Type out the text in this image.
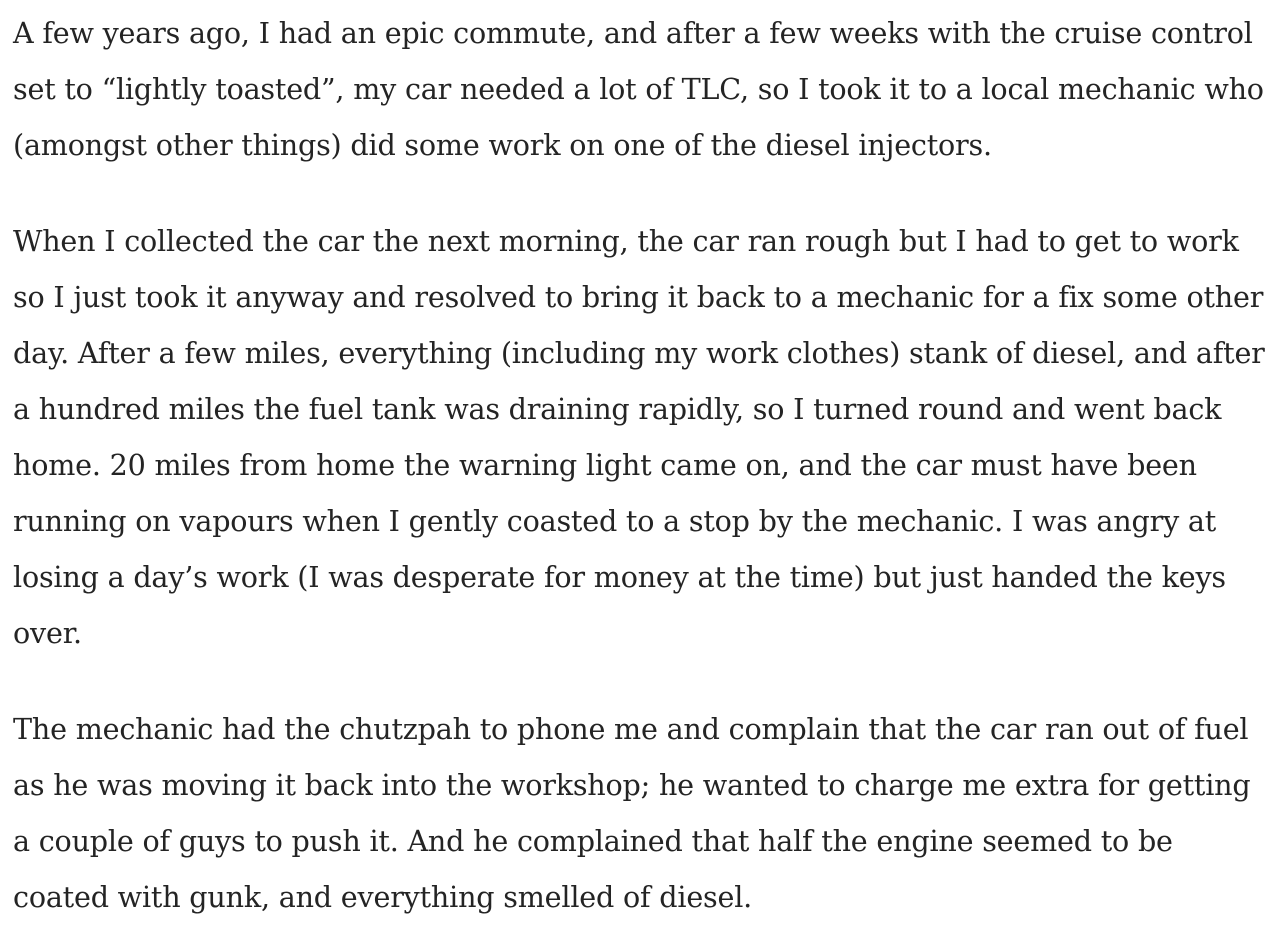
A few years ago, I had an epic commute, and after a few weeks with the cruise control set to “lightly toasted”, my car needed a lot of TLC, so I took it to a local mechanic who (amongst other things) did some work on one of the diesel injectors.

When I collected the car the next morning, the car ran rough but I had to get to work so I just took it anyway and resolved to bring it back to a mechanic for a fix some other day. After a few miles, everything (including my work clothes) stank of diesel, and after a hundred miles the fuel tank was draining rapidly, so I turned round and went back home. 20 miles from home the warning light came on, and the car must have been running on vapours when I gently coasted to a stop by the mechanic. I was angry at losing a day’s work (I was desperate for money at the time) but just handed the keys over.

The mechanic had the chutzpah to phone me and complain that the car ran out of fuel as he was moving it back into the workshop; he wanted to charge me extra for getting a couple of guys to push it. And he complained that half the engine seemed to be coated with gunk, and everything smelled of diesel.
